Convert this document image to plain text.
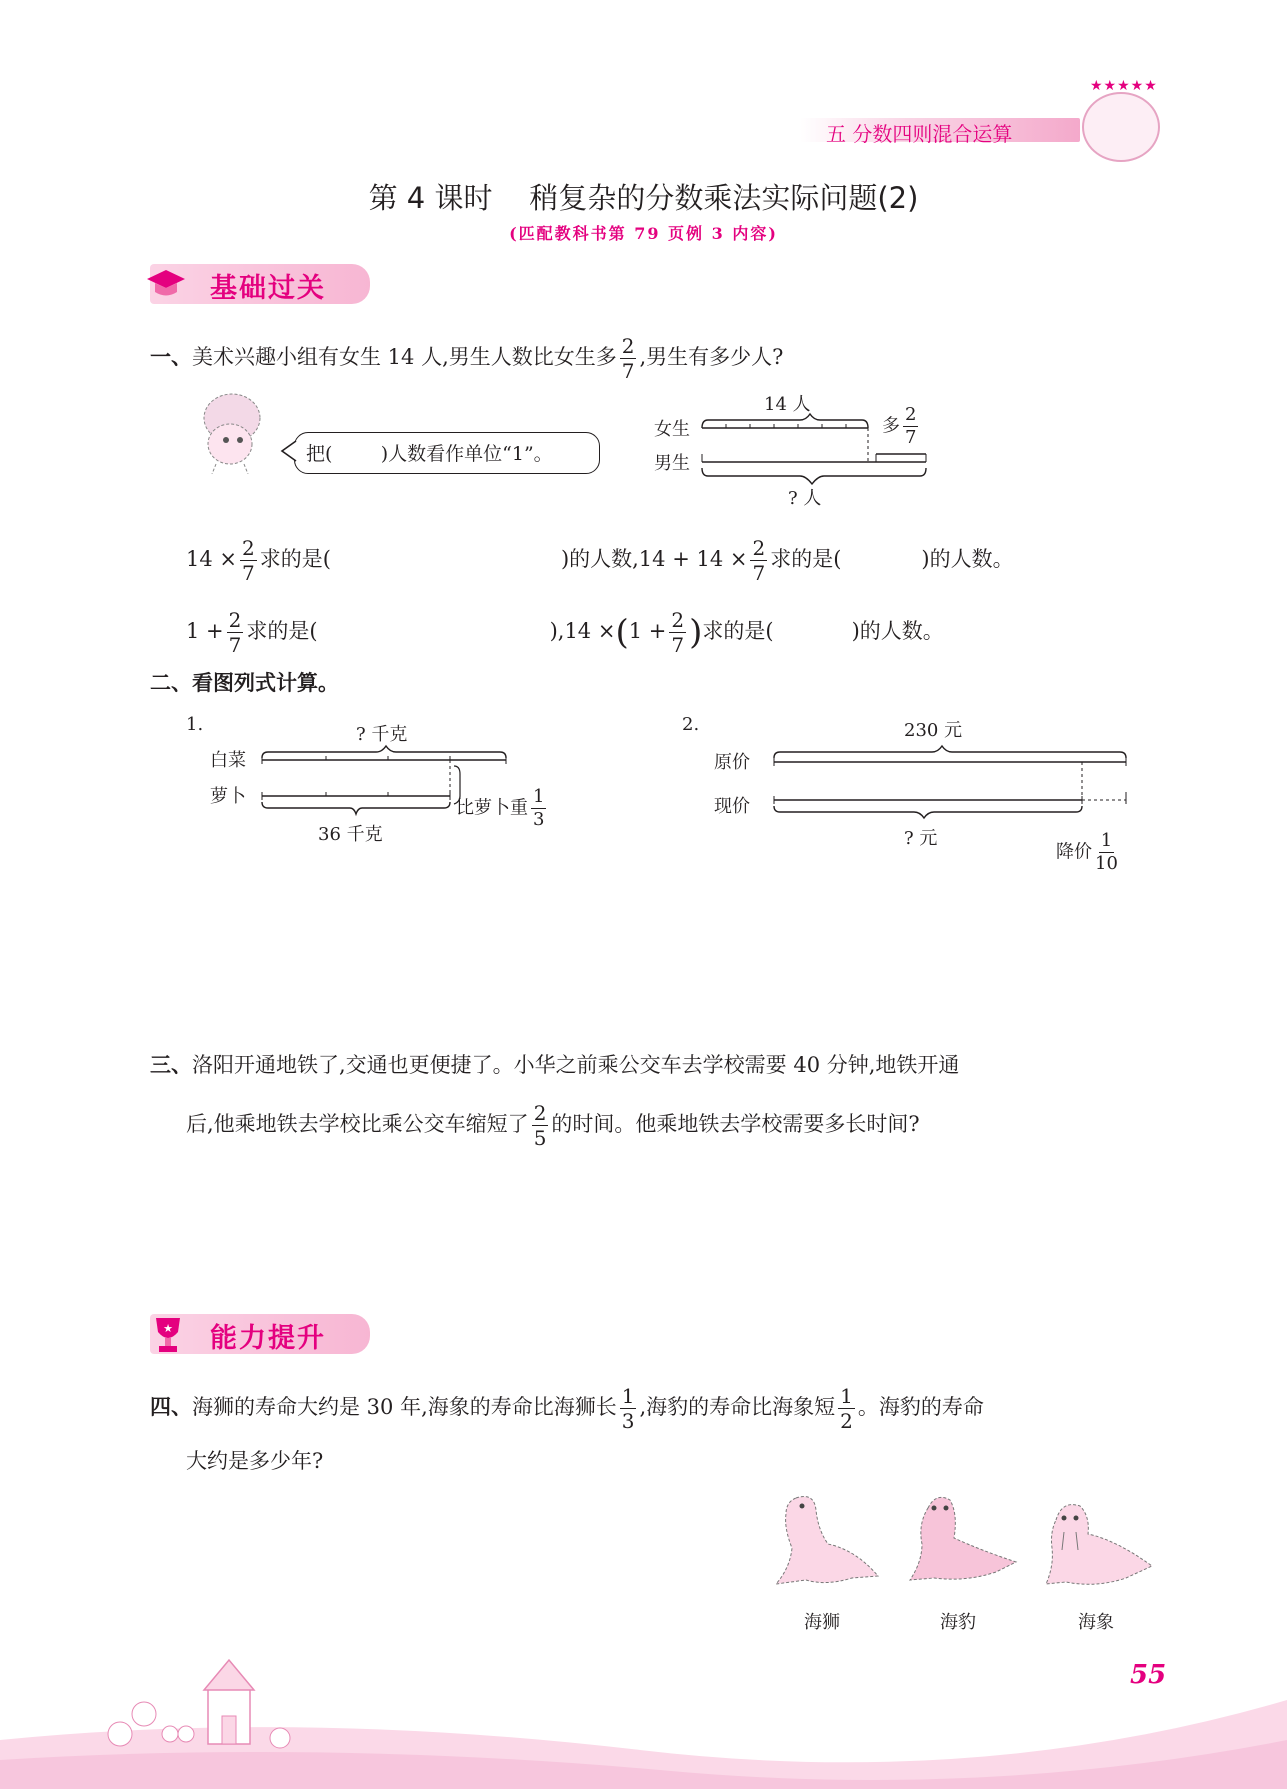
五 分数四则混合运算
★★★★★
第 4 课时    稍复杂的分数乘法实际问题(2)
(匹配教科书第 79 页例 3 内容)
基础过关
一、美术兴趣小组有女生 14 人,男生人数比女生多 $\frac{2}{7}$ ,男生有多少人?
把(        )人数看作单位“1”。
女生
男生
14 人
多 $\frac{2}{7}$
? 人
$14 \times \frac{2}{7}$ 求的是(	)的人数$,14 + 14 \times \frac{2}{7}$ 求的是(	)的人数。
$1 + \frac{2}{7}$ 求的是(	)$,14 \times(1 + \frac{2}{7}$ )求的是(	)的人数。
二、看图列式计算。
1.	? 千克
白菜
萝卜
比萝卜重 $\frac{1}{3}$
36 千克
2.	230 元
原价
现价
? 元
降价 $\frac{1}{10}$
三、洛阳开通地铁了,交通也更便捷了。小华之前乘公交车去学校需要 40 分钟,地铁开通
后,他乘地铁去学校比乘公交车缩短了 $\frac{2}{5}$ 的时间。他乘地铁去学校需要多长时间?
★ 能力提升
四、海狮的寿命大约是 30 年,海象的寿命比海狮长 $\frac{1}{3}$ ,海豹的寿命比海象短 $\frac{1}{2}$ 。海豹的寿命
大约是多少年?
海狮	海豹	海象
55
